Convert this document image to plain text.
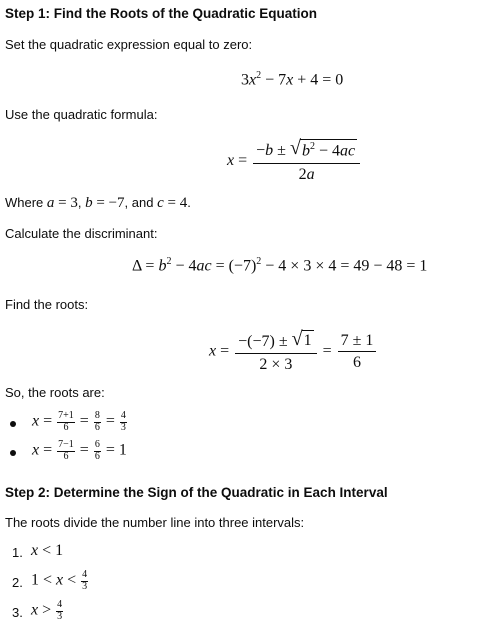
Step 1: Find the Roots of the Quadratic Equation
Set the quadratic expression equal to zero:
$3x^2 - 7x + 4 = 0$
Use the quadratic formula:
$x = \frac{-b \pm √ b^2 - 4ac}{2a}$
Where a = 3, b = −7, and c = 4.
Calculate the discriminant:
$\Delta = b^2 - 4ac = (-7)^2 - 4 \times 3 \times 4 = 49 - 48 = 1$
Find the roots:
$x = \frac{-(-7) \pm √ 1}{2 \times 3} = \frac{7 \pm 1}{6}$
So, the roots are:
$x = \frac{7+1}{6} = \frac{8}{6} = \frac{4}{3}$
$x = \frac{7-1}{6} = \frac{6}{6} = 1$
Step 2: Determine the Sign of the Quadratic in Each Interval
The roots divide the number line into three intervals:
1. x < 1
2. $1 < x < \frac{4}{3}$
3. $x > \frac{4}{3}$
